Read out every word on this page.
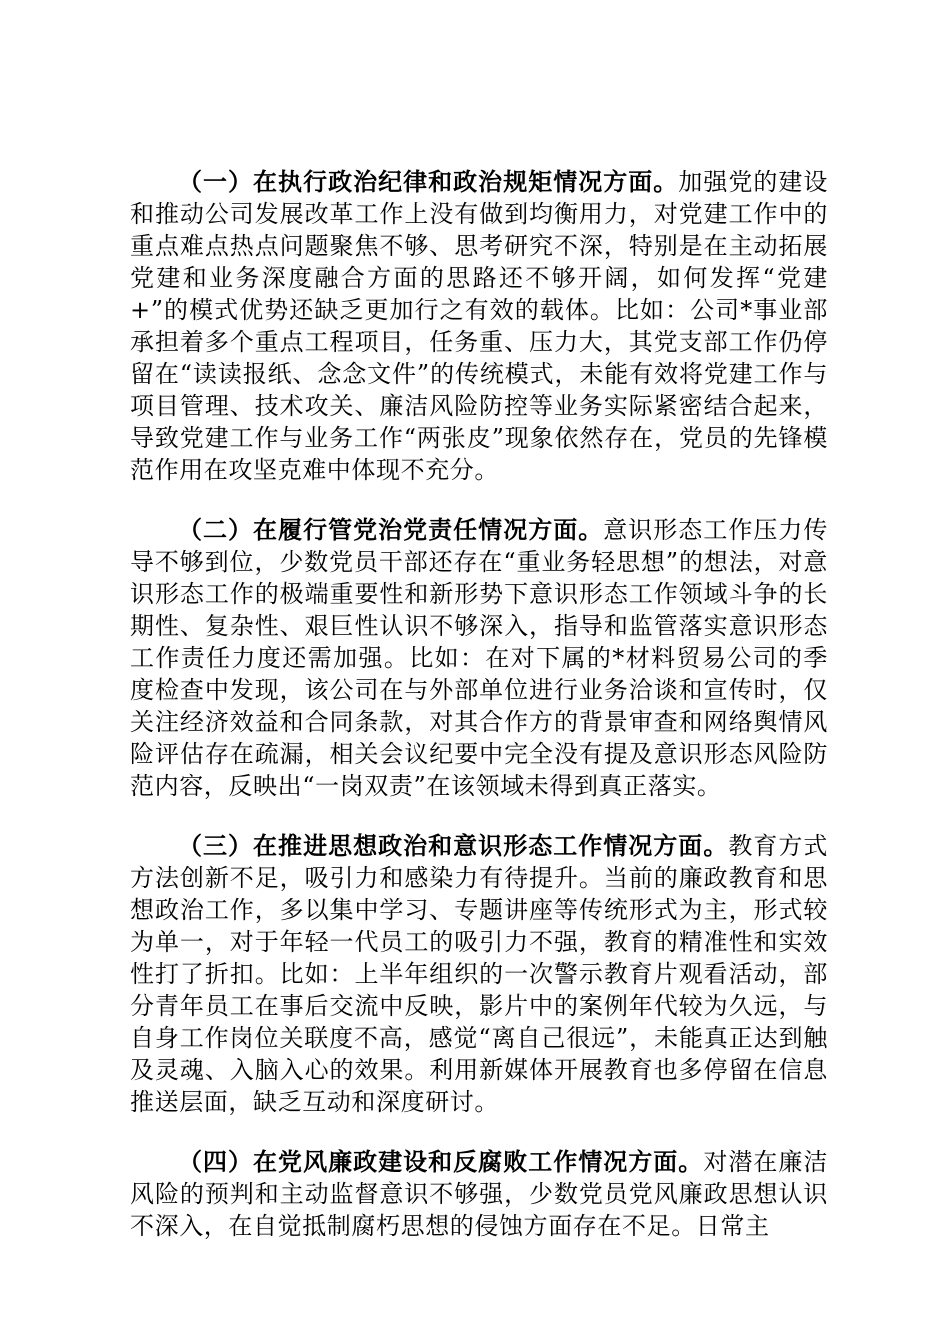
（一）在执行政治纪律和政治规矩情况方面。加强党的建设和推动公司发展改革工作上没有做到均衡用力，对党建工作中的重点难点热点问题聚焦不够、思考研究不深，特别是在主动拓展党建和业务深度融合方面的思路还不够开阔，如何发挥“党建+”的模式优势还缺乏更加行之有效的载体。比如：公司*事业部承担着多个重点工程项目，任务重、压力大，其党支部工作仍停留在“读读报纸、念念文件”的传统模式，未能有效将党建工作与项目管理、技术攻关、廉洁风险防控等业务实际紧密结合起来，导致党建工作与业务工作“两张皮”现象依然存在，党员的先锋模范作用在攻坚克难中体现不充分。

（二）在履行管党治党责任情况方面。意识形态工作压力传导不够到位，少数党员干部还存在“重业务轻思想”的想法，对意识形态工作的极端重要性和新形势下意识形态工作领域斗争的长期性、复杂性、艰巨性认识不够深入，指导和监管落实意识形态工作责任力度还需加强。比如：在对下属的*材料贸易公司的季度检查中发现，该公司在与外部单位进行业务洽谈和宣传时，仅关注经济效益和合同条款，对其合作方的背景审查和网络舆情风险评估存在疏漏，相关会议纪要中完全没有提及意识形态风险防范内容，反映出“一岗双责”在该领域未得到真正落实。

（三）在推进思想政治和意识形态工作情况方面。教育方式方法创新不足，吸引力和感染力有待提升。当前的廉政教育和思想政治工作，多以集中学习、专题讲座等传统形式为主，形式较为单一，对于年轻一代员工的吸引力不强，教育的精准性和实效性打了折扣。比如：上半年组织的一次警示教育片观看活动，部分青年员工在事后交流中反映，影片中的案例年代较为久远，与自身工作岗位关联度不高，感觉“离自己很远”，未能真正达到触及灵魂、入脑入心的效果。利用新媒体开展教育也多停留在信息推送层面，缺乏互动和深度研讨。

（四）在党风廉政建设和反腐败工作情况方面。对潜在廉洁风险的预判和主动监督意识不够强，少数党员党风廉政思想认识不深入，在自觉抵制腐朽思想的侵蚀方面存在不足。日常主
